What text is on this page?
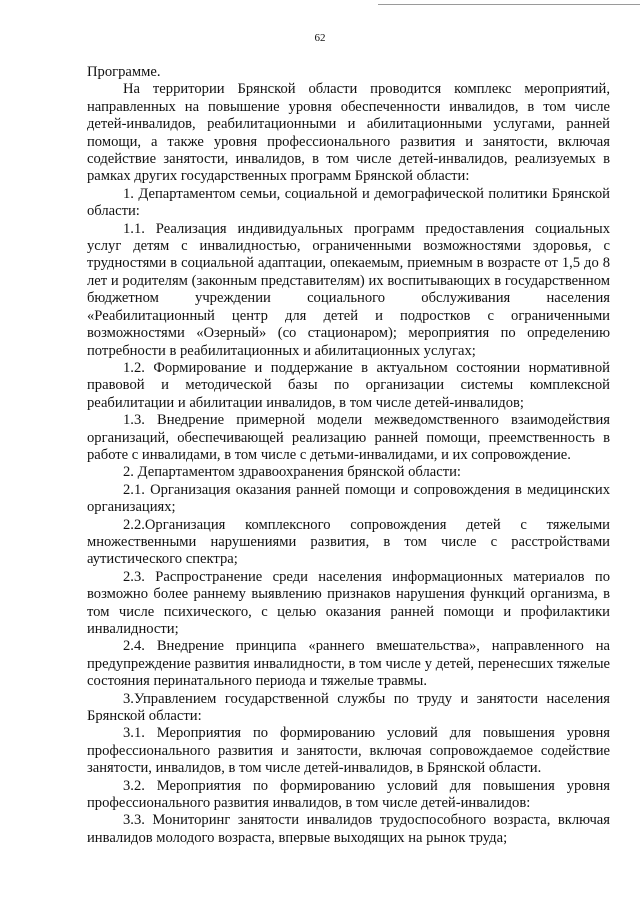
62

Программе.

На территории Брянской области проводится комплекс мероприятий, направленных на повышение уровня обеспеченности инвалидов, в том числе детей-инвалидов, реабилитационными и абилитационными услугами, ранней помощи, а также уровня профессионального развития и занятости, включая содействие занятости, инвалидов, в том числе детей-инвалидов, реализуемых в рамках других государственных программ Брянской области:

1. Департаментом семьи, социальной и демографической политики Брянской области:

1.1. Реализация индивидуальных программ предоставления социальных услуг детям с инвалидностью, ограниченными возможностями здоровья, с трудностями в социальной адаптации, опекаемым, приемным в возрасте от 1,5 до 8 лет и родителям (законным представителям) их воспитывающих в государственном бюджетном учреждении социального обслуживания населения «Реабилитационный центр для детей и подростков с ограниченными возможностями «Озерный» (со стационаром); мероприятия по определению потребности в реабилитационных и абилитационных услугах;

1.2. Формирование и поддержание в актуальном состоянии нормативной правовой и методической базы по организации системы комплексной реабилитации и абилитации инвалидов, в том числе детей-инвалидов;

1.3. Внедрение примерной модели межведомственного взаимодействия организаций, обеспечивающей реализацию ранней помощи, преемственность в работе с инвалидами, в том числе с детьми-инвалидами, и их сопровождение.

2. Департаментом здравоохранения брянской области:

2.1. Организация оказания ранней помощи и сопровождения в медицинских организациях;

2.2.Организация комплексного сопровождения детей с тяжелыми множественными нарушениями развития, в том числе с расстройствами аутистического спектра;

2.3. Распространение среди населения информационных материалов по возможно более раннему выявлению признаков нарушения функций организма, в том числе психического, с целью оказания ранней помощи и профилактики инвалидности;

2.4. Внедрение принципа «раннего вмешательства», направленного на предупреждение развития инвалидности, в том числе у детей, перенесших тяжелые состояния перинатального периода и тяжелые травмы.

3.Управлением государственной службы по труду и занятости населения Брянской области:

3.1. Мероприятия по формированию условий для повышения уровня профессионального развития и занятости, включая сопровождаемое содействие занятости, инвалидов, в том числе детей-инвалидов, в Брянской области.

3.2. Мероприятия по формированию условий для повышения уровня профессионального развития инвалидов, в том числе детей-инвалидов:

3.3. Мониторинг занятости инвалидов трудоспособного возраста, включая инвалидов молодого возраста, впервые выходящих на рынок труда;
